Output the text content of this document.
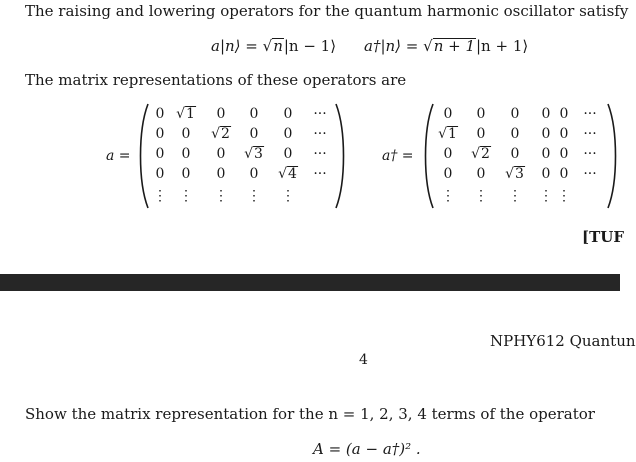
The raising and lowering operators for the quantum harmonic oscillator satisfy
a|n⟩ = √n|n − 1⟩ a†|n⟩ = √n + 1|n + 1⟩
The matrix representations of these operators are
a =
0 √1 0 0 0 ···
0 0 √2 0 0 ···
0 0 0 √3 0 ···
0 0 0 0 √4 ···
⋮ ⋮ ⋮ ⋮ ⋮
a† =
0 0 0 0 0 ···
√1 0 0 0 0 ···
0 √2 0 0 0 ···
0 0 √3 0 0 ···
⋮ ⋮ ⋮ ⋮ ⋮
[TUF
NPHY612 Quantun
4
Show the matrix representation for the n = 1, 2, 3, 4 terms of the operator
A = (a − a†)² .
